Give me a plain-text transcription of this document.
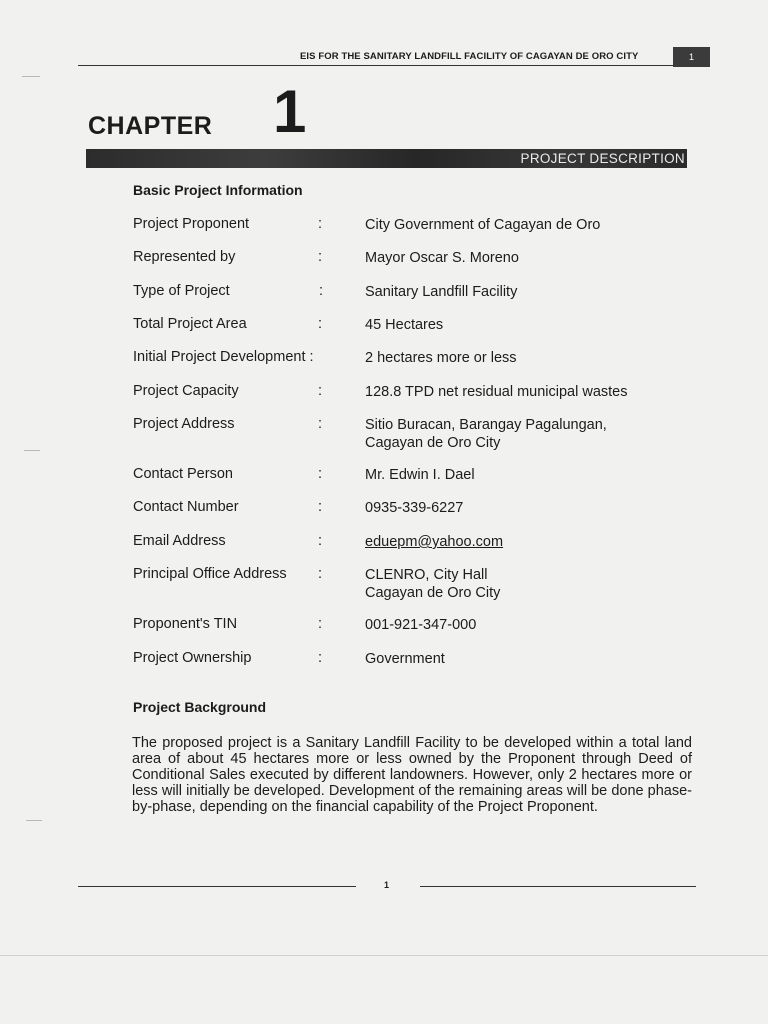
EIS FOR THE SANITARY LANDFILL FACILITY OF CAGAYAN DE ORO CITY	1
CHAPTER 1
PROJECT DESCRIPTION
Basic Project Information
Project Proponent	:	City Government of Cagayan de Oro
Represented by	:	Mayor Oscar S. Moreno
Type of Project	:	Sanitary Landfill Facility
Total Project Area	:	45 Hectares
Initial Project Development :	2 hectares more or less
Project Capacity	:	128.8 TPD net residual municipal wastes
Project Address	:	Sitio Buracan, Barangay Pagalungan,
Cagayan de Oro City
Contact Person	:	Mr. Edwin I. Dael
Contact Number	:	0935-339-6227
Email Address	:	eduepm@yahoo.com
Principal Office Address :	CLENRO, City Hall
Cagayan de Oro City
Proponent's TIN	:	001-921-347-000
Project Ownership	:	Government
Project Background

The proposed project is a Sanitary Landfill Facility to be developed within a total land area of about 45 hectares more or less owned by the Proponent through Deed of Conditional Sales executed by different landowners. However, only 2 hectares more or less will initially be developed. Development of the remaining areas will be done phase-by-phase, depending on the financial capability of the Project Proponent.

1
